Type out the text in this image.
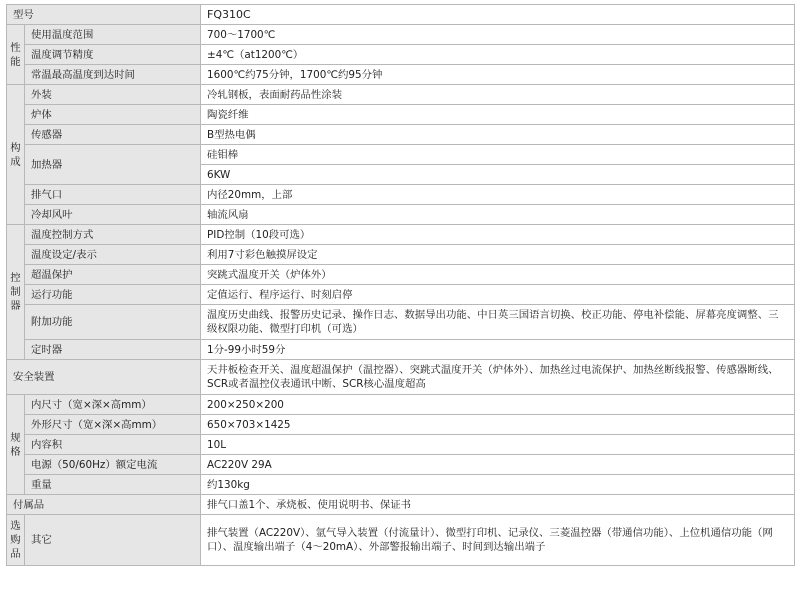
型号		FQ310C

性
能	使用温度范围	700～1700℃
	温度调节精度	±4℃（at1200℃）
	常温最高温度到达时间	1600℃约75分钟，1700℃约95分钟

构
成	外装	冷轧钢板，表面耐药品性涂装
	炉体	陶瓷纤维
	传感器	B型热电偶
	加热器	硅钼棒
		6KW
	排气口	内径20mm，上部
	冷却风叶	轴流风扇

控
制
器	温度控制方式	PID控制（10段可选）
	温度设定/表示	利用7寸彩色触摸屏设定
	超温保护	突跳式温度开关（炉体外）
	运行功能	定值运行、程序运行、时刻启停
	附加功能	温度历史曲线、报警历史记录、操作日志、数据导出功能、中日英三国语言切换、校正功能、停电补偿能、屏幕亮度调整、三级权限功能、微型打印机（可选）
	定时器	1分-99小时59分
安全装置		天井板检查开关、温度超温保护（温控器）、突跳式温度开关（炉体外）、加热丝过电流保护、加热丝断线报警、传感器断线、SCR或者温控仪表通讯中断、SCR核心温度超高

规
格	内尺寸（宽×深×高mm）	200×250×200
	外形尺寸（宽×深×高mm）	650×703×1425
	内容积	10L
	电源（50/60Hz）额定电流	AC220V 29A
	重量	约130kg
付属品		排气口盖1个、承烧板、使用说明书、保证书

选
购
品	其它	排气装置（AC220V）、氩气导入装置（付流量计）、微型打印机、记录仪、三菱温控器（带通信功能）、上位机通信功能（网口）、温度输出端子（4～20mA）、外部警报输出端子、时间到达输出端子
